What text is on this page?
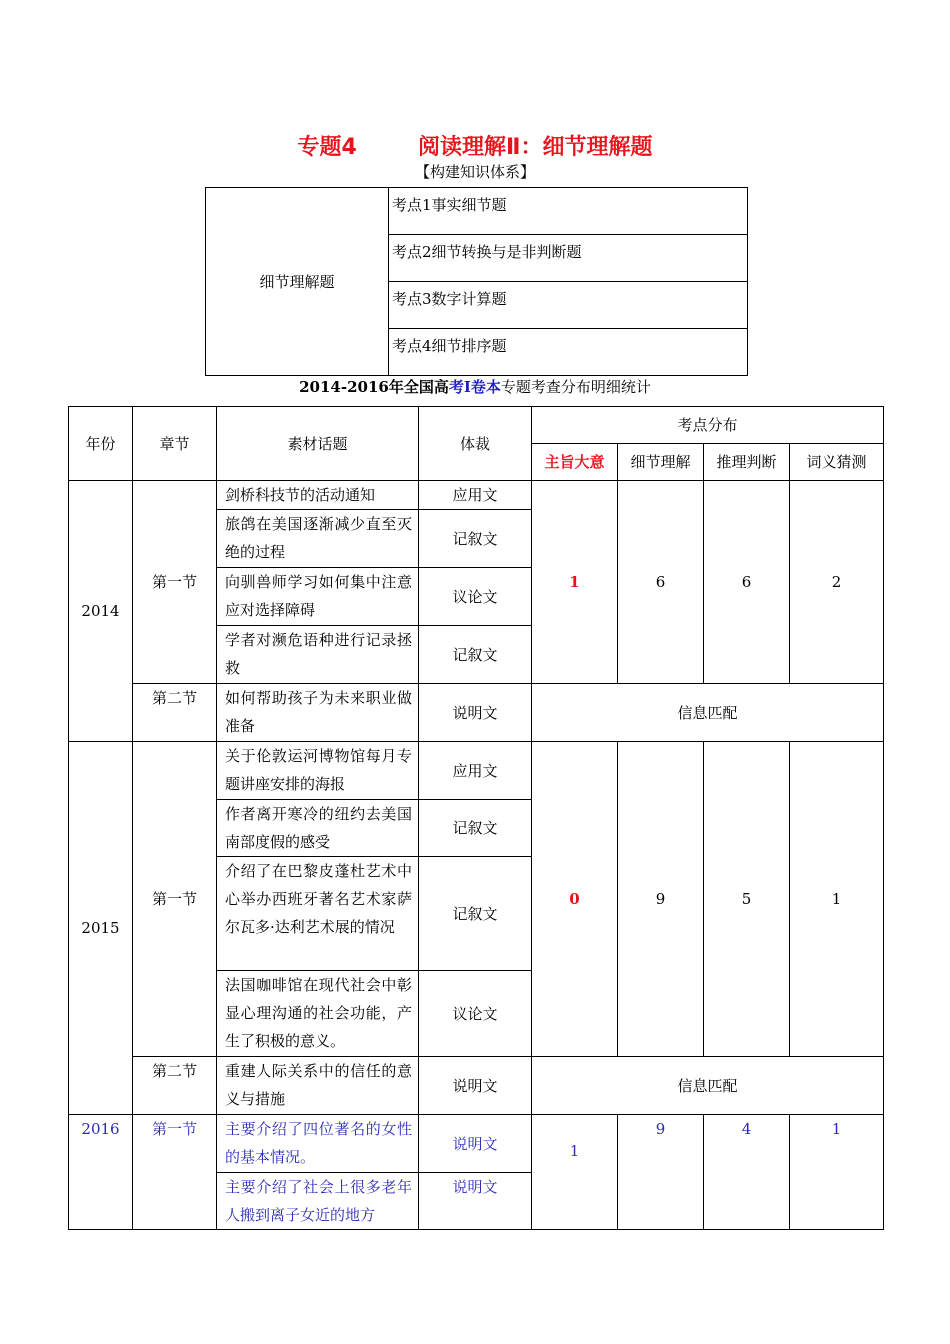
专题4        阅读理解Ⅱ：细节理解题
【构建知识体系】
细节理解题	考点1事实细节题
考点2细节转换与是非判断题
考点3数字计算题
考点4细节排序题
2014-2016年全国高考Ⅰ卷本专题考查分布明细统计
年份	章节	素材话题	体裁	考点分布			
				主旨大意	细节理解	推理判断	词义猜测
2014	第一节	剑桥科技节的活动通知	应用文	1	6	6	2
		旅鸽在美国逐渐减少直至灭绝的过程	记叙文				
		向驯兽师学习如何集中注意应对选择障碍	议论文				
		学者对濒危语种进行记录拯救	记叙文				
	第二节	如何帮助孩子为未来职业做准备	说明文	信息匹配			
2015	第一节	关于伦敦运河博物馆每月专题讲座安排的海报	应用文	0	9	5	1
		作者离开寒冷的纽约去美国南部度假的感受	记叙文				
		介绍了在巴黎皮蓬杜艺术中心举办西班牙著名艺术家萨尔瓦多·达利艺术展的情况	记叙文				
		法国咖啡馆在现代社会中彰显心理沟通的社会功能，产生了积极的意义。	议论文				
	第二节	重建人际关系中的信任的意义与措施	说明文	信息匹配			
2016	第一节	主要介绍了四位著名的女性的基本情况。	说明文	1	9	4	1
		主要介绍了社会上很多老年人搬到离子女近的地方	说明文				
